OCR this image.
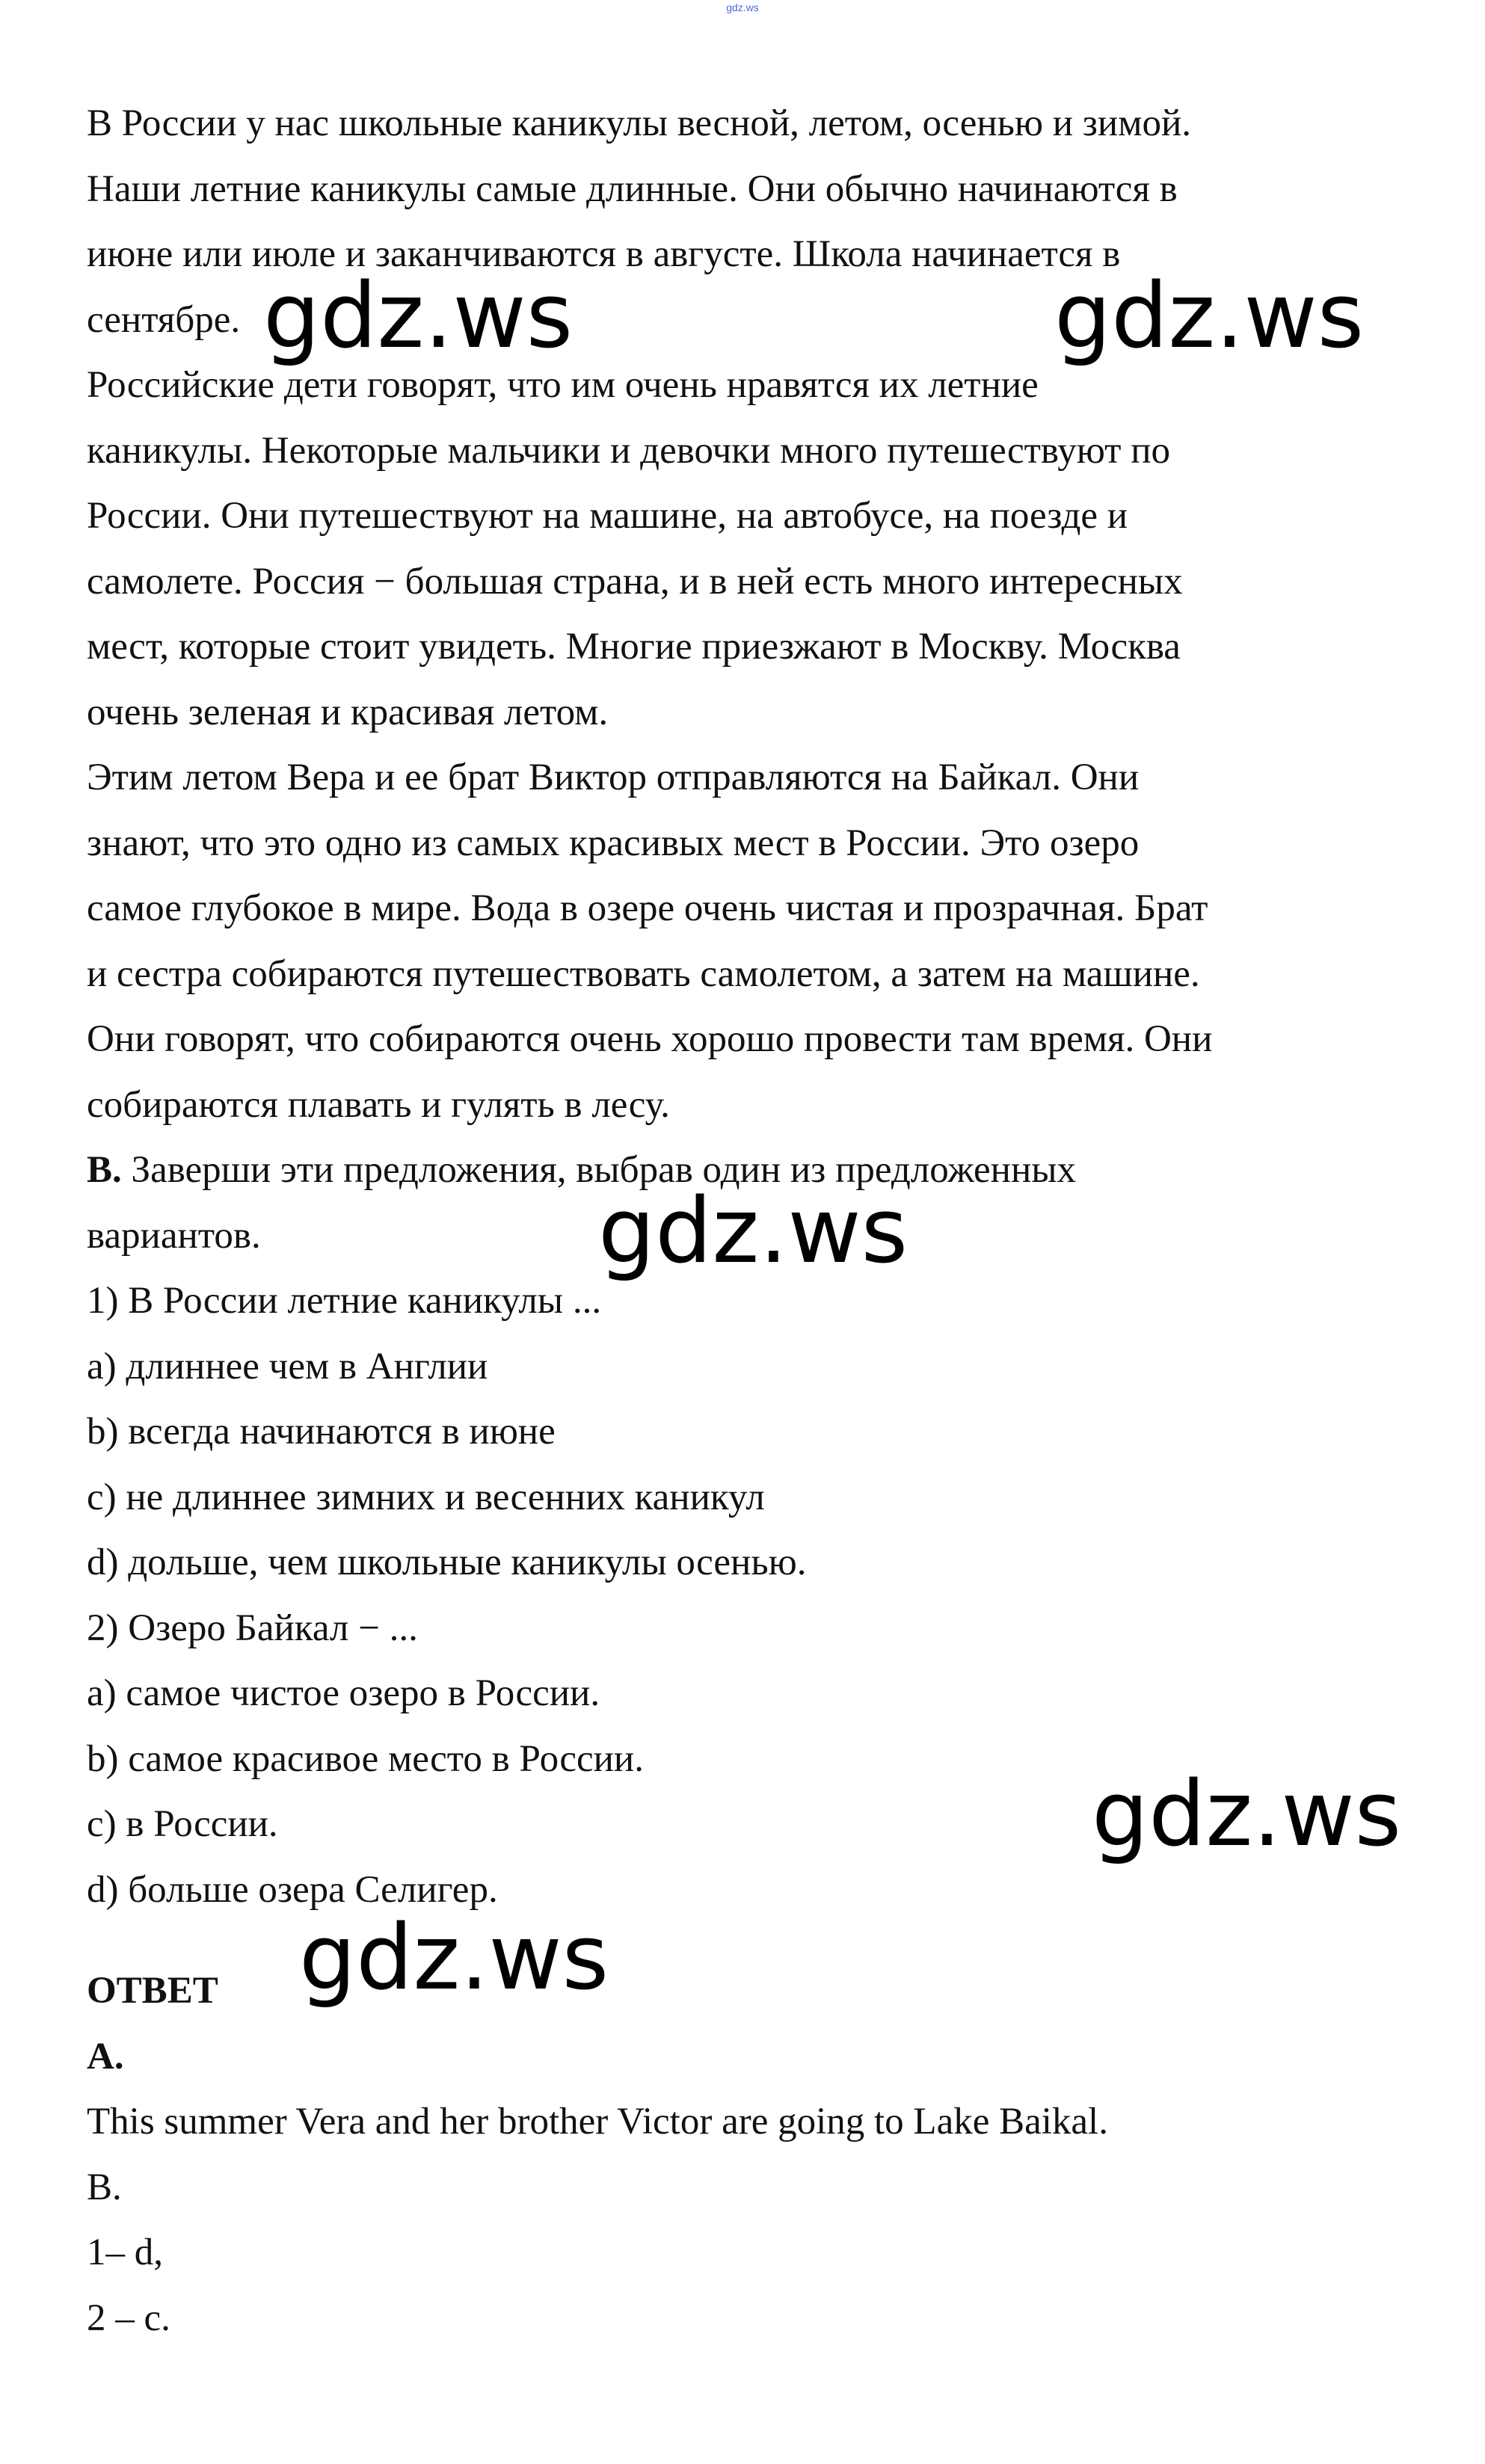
gdz.ws

В России у нас школьные каникулы весной, летом, осенью и зимой.

Наши летние каникулы самые длинные. Они обычно начинаются в

июне или июле и заканчиваются в августе. Школа начинается в

сентябре.

Российские дети говорят, что им очень нравятся их летние

каникулы. Некоторые мальчики и девочки много путешествуют по

России. Они путешествуют на машине, на автобусе, на поезде и

самолете. Россия − большая страна, и в ней есть много интересных

мест, которые стоит увидеть. Многие приезжают в Москву. Москва

очень зеленая и красивая летом.

Этим летом Вера и ее брат Виктор отправляются на Байкал. Они

знают, что это одно из самых красивых мест в России. Это озеро

самое глубокое в мире. Вода в озере очень чистая и прозрачная. Брат

и сестра собираются путешествовать самолетом, а затем на машине.

Они говорят, что собираются очень хорошо провести там время. Они

собираются плавать и гулять в лесу.

B. Заверши эти предложения, выбрав один из предложенных

вариантов.

1) В России летние каникулы ...

a) длиннее чем в Англии

b) всегда начинаются в июне

c) не длиннее зимних и весенних каникул

d) дольше, чем школьные каникулы осенью.

2) Озеро Байкал − ...

a) самое чистое озеро в России.

b) самое красивое место в России.

c) в России.

d) больше озера Селигер.

ОТВЕТ

A.

This summer Vera and her brother Victor are going to Lake Baikal.

B.

1– d,

2 – c.

gdz.ws	gdz.ws
gdz.ws
gdz.ws
gdz.ws
